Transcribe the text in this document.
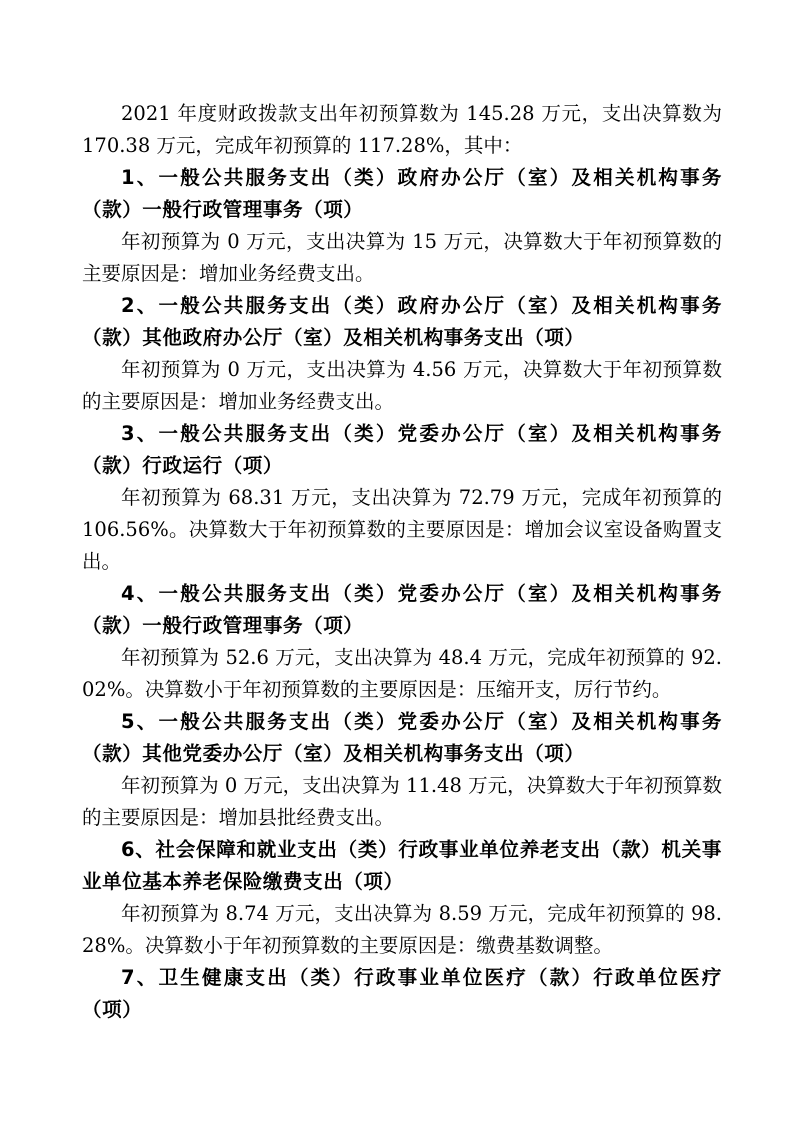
2021 年度财政拨款支出年初预算数为 145.28 万元，支出决算数为 170.38 万元，完成年初预算的 117.28%，其中：

1、一般公共服务支出（类）政府办公厅（室）及相关机构事务（款）一般行政管理事务（项）

年初预算为 0 万元，支出决算为 15 万元，决算数大于年初预算数的主要原因是：增加业务经费支出。

2、一般公共服务支出（类）政府办公厅（室）及相关机构事务（款）其他政府办公厅（室）及相关机构事务支出（项）

年初预算为 0 万元，支出决算为 4.56 万元，决算数大于年初预算数的主要原因是：增加业务经费支出。

3、一般公共服务支出（类）党委办公厅（室）及相关机构事务（款）行政运行（项）

年初预算为 68.31 万元，支出决算为 72.79 万元，完成年初预算的 106.56%。决算数大于年初预算数的主要原因是：增加会议室设备购置支出。

4、一般公共服务支出（类）党委办公厅（室）及相关机构事务（款）一般行政管理事务（项）

年初预算为 52.6 万元，支出决算为 48.4 万元，完成年初预算的 92.02%。决算数小于年初预算数的主要原因是：压缩开支，厉行节约。

5、一般公共服务支出（类）党委办公厅（室）及相关机构事务（款）其他党委办公厅（室）及相关机构事务支出（项）

年初预算为 0 万元，支出决算为 11.48 万元，决算数大于年初预算数的主要原因是：增加县批经费支出。

6、社会保障和就业支出（类）行政事业单位养老支出（款）机关事业单位基本养老保险缴费支出（项）

年初预算为 8.74 万元，支出决算为 8.59 万元，完成年初预算的 98.28%。决算数小于年初预算数的主要原因是：缴费基数调整。

7、卫生健康支出（类）行政事业单位医疗（款）行政单位医疗（项）
